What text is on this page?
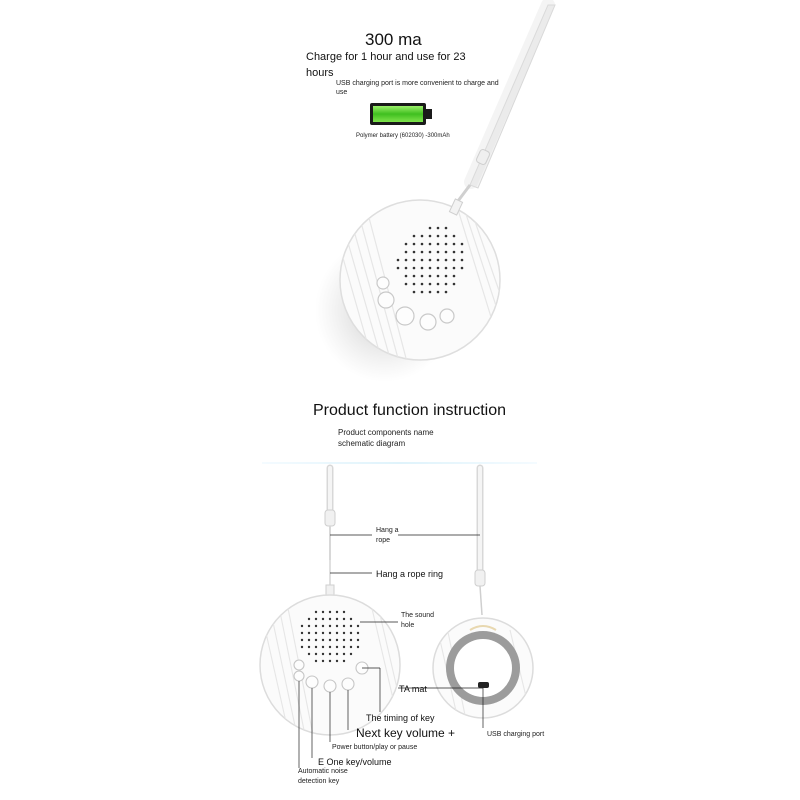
300 ma
Charge for 1 hour and use for 23
hours
USB charging port is more convenient to charge and
use
Polymer battery (602030) -300mAh
Product function instruction
Product components name
schematic diagram
Hang a
rope
Hang a rope ring
The sound
hole
TA mat
The timing of key
Next key volume +
Power button/play or pause
E One key/volume
Automatic noise
detection key
USB charging port
